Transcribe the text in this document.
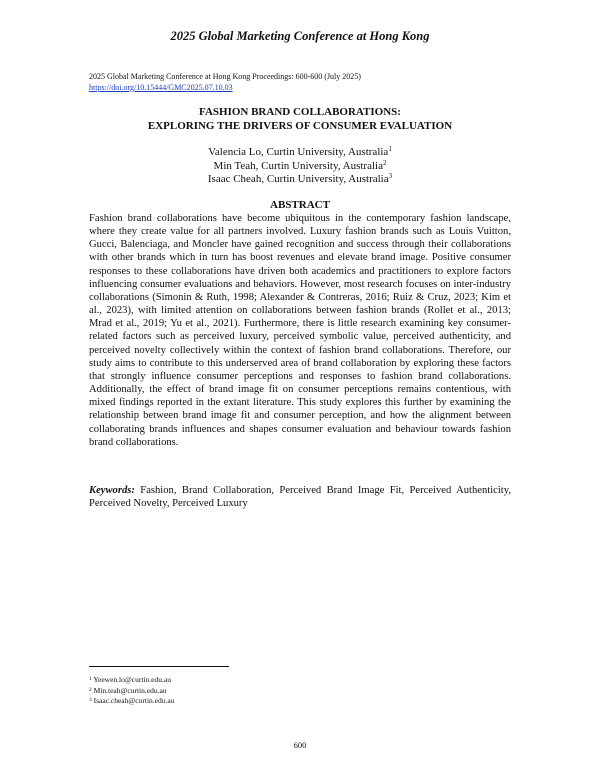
2025 Global Marketing Conference at Hong Kong
2025 Global Marketing Conference at Hong Kong Proceedings: 600-600 (July 2025)
https://doi.org/10.15444/GMC2025.07.10.03
FASHION BRAND COLLABORATIONS:
EXPLORING THE DRIVERS OF CONSUMER EVALUATION
Valencia Lo, Curtin University, Australia$^1$
Min Teah, Curtin University, Australia$^2$
Isaac Cheah, Curtin University, Australia$^3$
ABSTRACT
Fashion brand collaborations have become ubiquitous in the contemporary fashion landscape, where they create value for all partners involved. Luxury fashion brands such as Louis Vuitton, Gucci, Balenciaga, and Moncler have gained recognition and success through their collaborations with other brands which in turn has boost revenues and elevate brand image. Positive consumer responses to these collaborations have driven both academics and practitioners to explore factors influencing consumer evaluations and behaviors. However, most research focuses on inter-industry collaborations (Simonin & Ruth, 1998; Alexander & Contreras, 2016; Ruiz & Cruz, 2023; Kim et al., 2023), with limited attention on collaborations between fashion brands (Rollet et al., 2013; Mrad et al., 2019; Yu et al., 2021). Furthermore, there is little research examining key consumer-related factors such as perceived luxury, perceived symbolic value, perceived authenticity, and perceived novelty collectively within the context of fashion brand collaborations. Therefore, our study aims to contribute to this underserved area of brand collaboration by exploring these factors that strongly influence consumer perceptions and responses to fashion brand collaborations. Additionally, the effect of brand image fit on consumer perceptions remains contentious, with mixed findings reported in the extant literature. This study explores this further by examining the relationship between brand image fit and consumer perception, and how the alignment between collaborating brands influences and shapes consumer evaluation and behaviour towards fashion brand collaborations.
Keywords: Fashion, Brand Collaboration, Perceived Brand Image Fit, Perceived Authenticity, Perceived Novelty, Perceived Luxury
$^1$ Yeewen.lo@curtin.edu.au
$^2$ Min.teah@curtin.edu.au
$^3$ Isaac.cheah@curtin.edu.au
600
